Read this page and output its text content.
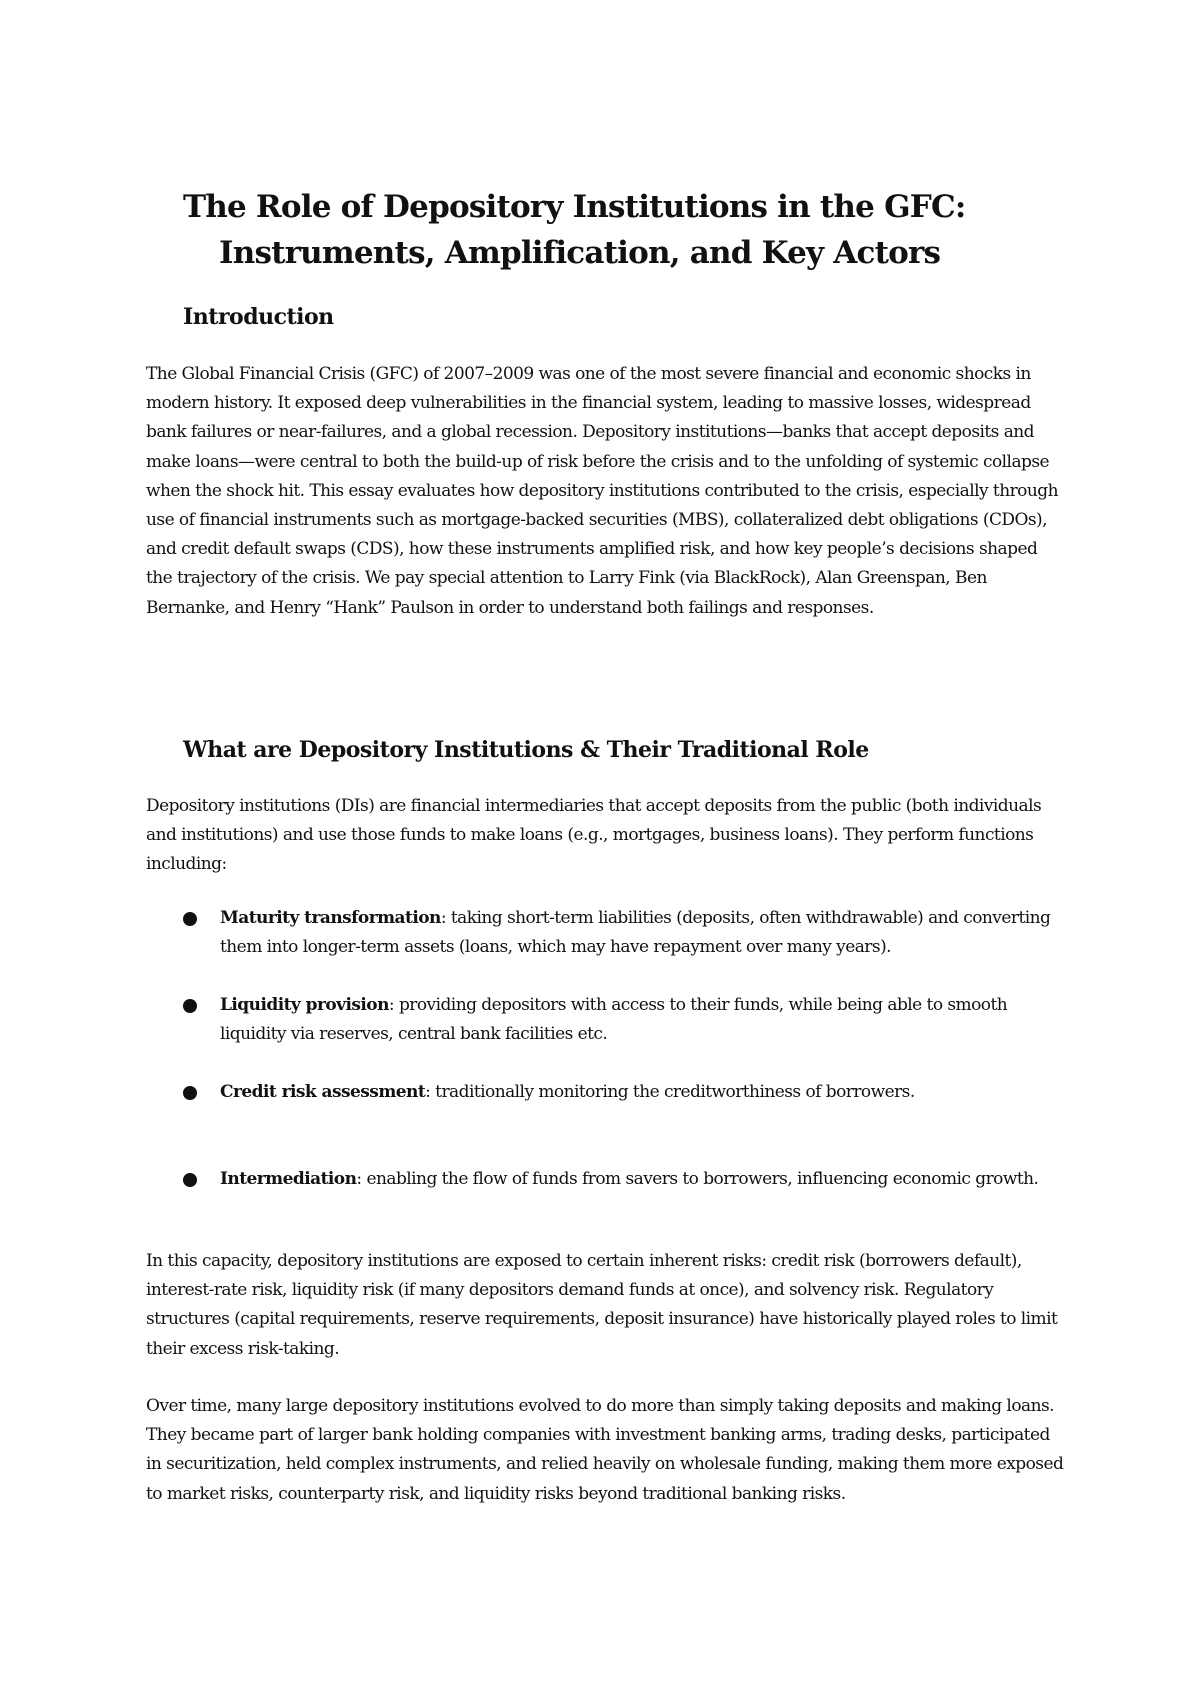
The Role of Depository Institutions in the GFC:
Instruments, Amplification, and Key Actors
Introduction

The Global Financial Crisis (GFC) of 2007–2009 was one of the most severe financial and economic shocks in modern history. It exposed deep vulnerabilities in the financial system, leading to massive losses, widespread bank failures or near-failures, and a global recession. Depository institutions—banks that accept deposits and make loans—were central to both the build-up of risk before the crisis and to the unfolding of systemic collapse when the shock hit. This essay evaluates how depository institutions contributed to the crisis, especially through use of financial instruments such as mortgage-backed securities (MBS), collateralized debt obligations (CDOs), and credit default swaps (CDS), how these instruments amplified risk, and how key people’s decisions shaped the trajectory of the crisis. We pay special attention to Larry Fink (via BlackRock), Alan Greenspan, Ben Bernanke, and Henry “Hank” Paulson in order to understand both failings and responses.

What are Depository Institutions & Their Traditional Role

Depository institutions (DIs) are financial intermediaries that accept deposits from the public (both individuals and institutions) and use those funds to make loans (e.g., mortgages, business loans). They perform functions including:

Maturity transformation: taking short-term liabilities (deposits, often withdrawable) and converting them into longer-term assets (loans, which may have repayment over many years).
Liquidity provision: providing depositors with access to their funds, while being able to smooth liquidity via reserves, central bank facilities etc.
Credit risk assessment: traditionally monitoring the creditworthiness of borrowers.
Intermediation: enabling the flow of funds from savers to borrowers, influencing economic growth.

In this capacity, depository institutions are exposed to certain inherent risks: credit risk (borrowers default), interest-rate risk, liquidity risk (if many depositors demand funds at once), and solvency risk. Regulatory structures (capital requirements, reserve requirements, deposit insurance) have historically played roles to limit their excess risk-taking.

Over time, many large depository institutions evolved to do more than simply taking deposits and making loans. They became part of larger bank holding companies with investment banking arms, trading desks, participated in securitization, held complex instruments, and relied heavily on wholesale funding, making them more exposed to market risks, counterparty risk, and liquidity risks beyond traditional banking risks.
